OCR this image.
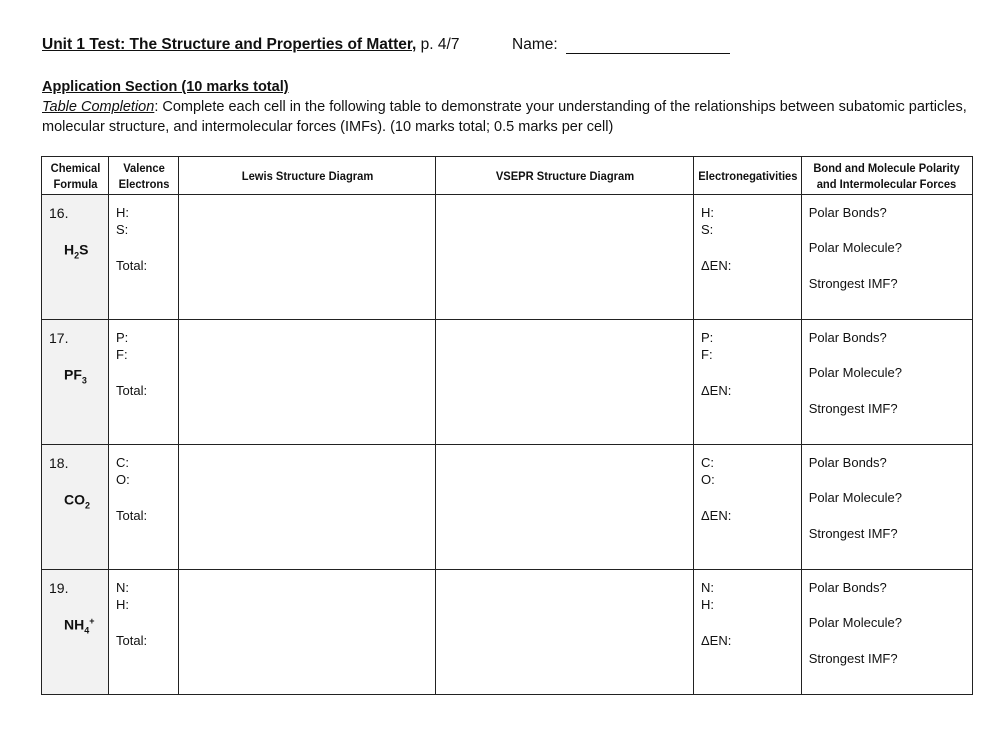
Unit 1 Test: The Structure and Properties of Matter, p. 4/7	Name:
Application Section (10 marks total)
Table Completion: Complete each cell in the following table to demonstrate your understanding of the relationships between subatomic particles, molecular structure, and intermolecular forces (IMFs). (10 marks total; 0.5 marks per cell)
Chemical
Formula	Valence
Electrons	Lewis Structure Diagram	VSEPR Structure Diagram	Electronegativities	Bond and Molecule Polarity
and Intermolecular Forces

16.
$H_2S$	H:
S:
Total:			H:
S:
ΔEN:	Polar Bonds?
Polar Molecule?
Strongest IMF?

17.
$PF_3$	P:
F:
Total:			P:
F:
ΔEN:	Polar Bonds?
Polar Molecule?
Strongest IMF?

18.
$CO_2$	C:
O:
Total:			C:
O:
ΔEN:	Polar Bonds?
Polar Molecule?
Strongest IMF?

19.
$NH_4^+$	N:
H:
Total:			N:
H:
ΔEN:	Polar Bonds?
Polar Molecule?
Strongest IMF?
